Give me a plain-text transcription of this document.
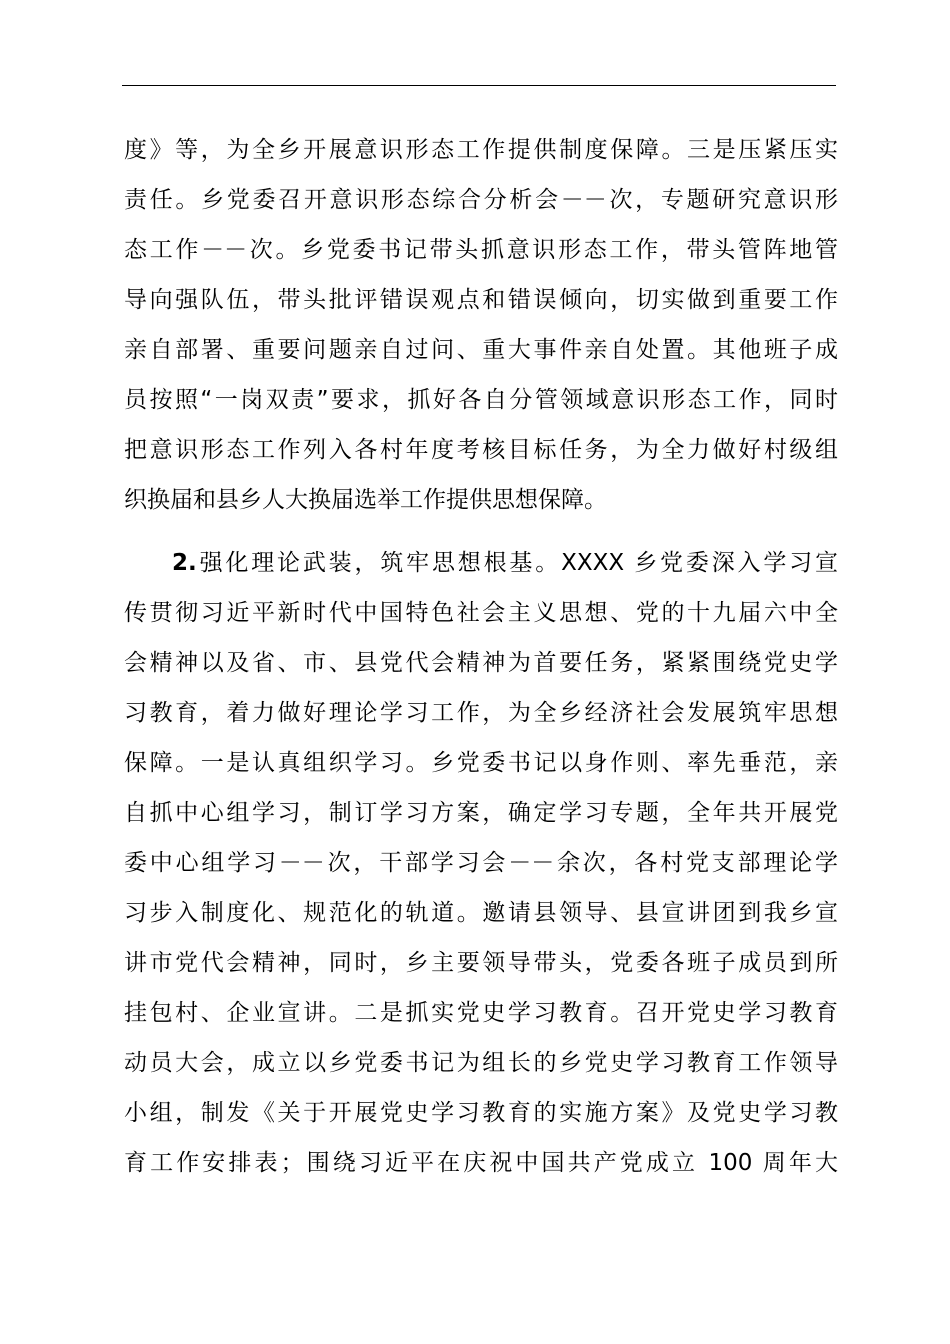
度》等，为全乡开展意识形态工作提供制度保障。三是压紧压实
责任。乡党委召开意识形态综合分析会－－次，专题研究意识形
态工作－－次。乡党委书记带头抓意识形态工作，带头管阵地管
导向强队伍，带头批评错误观点和错误倾向，切实做到重要工作
亲自部署、重要问题亲自过问、重大事件亲自处置。其他班子成
员按照“一岗双责”要求，抓好各自分管领域意识形态工作，同时
把意识形态工作列入各村年度考核目标任务，为全力做好村级组
织换届和县乡人大换届选举工作提供思想保障。
2.强化理论武装，筑牢思想根基。XXXX 乡党委深入学习宣
传贯彻习近平新时代中国特色社会主义思想、党的十九届六中全
会精神以及省、市、县党代会精神为首要任务，紧紧围绕党史学
习教育，着力做好理论学习工作，为全乡经济社会发展筑牢思想
保障。一是认真组织学习。乡党委书记以身作则、率先垂范，亲
自抓中心组学习，制订学习方案，确定学习专题，全年共开展党
委中心组学习－－次，干部学习会－－余次，各村党支部理论学
习步入制度化、规范化的轨道。邀请县领导、县宣讲团到我乡宣
讲市党代会精神，同时，乡主要领导带头，党委各班子成员到所
挂包村、企业宣讲。二是抓实党史学习教育。召开党史学习教育
动员大会，成立以乡党委书记为组长的乡党史学习教育工作领导
小组，制发《关于开展党史学习教育的实施方案》及党史学习教
育工作安排表；围绕习近平在庆祝中国共产党成立 100 周年大
